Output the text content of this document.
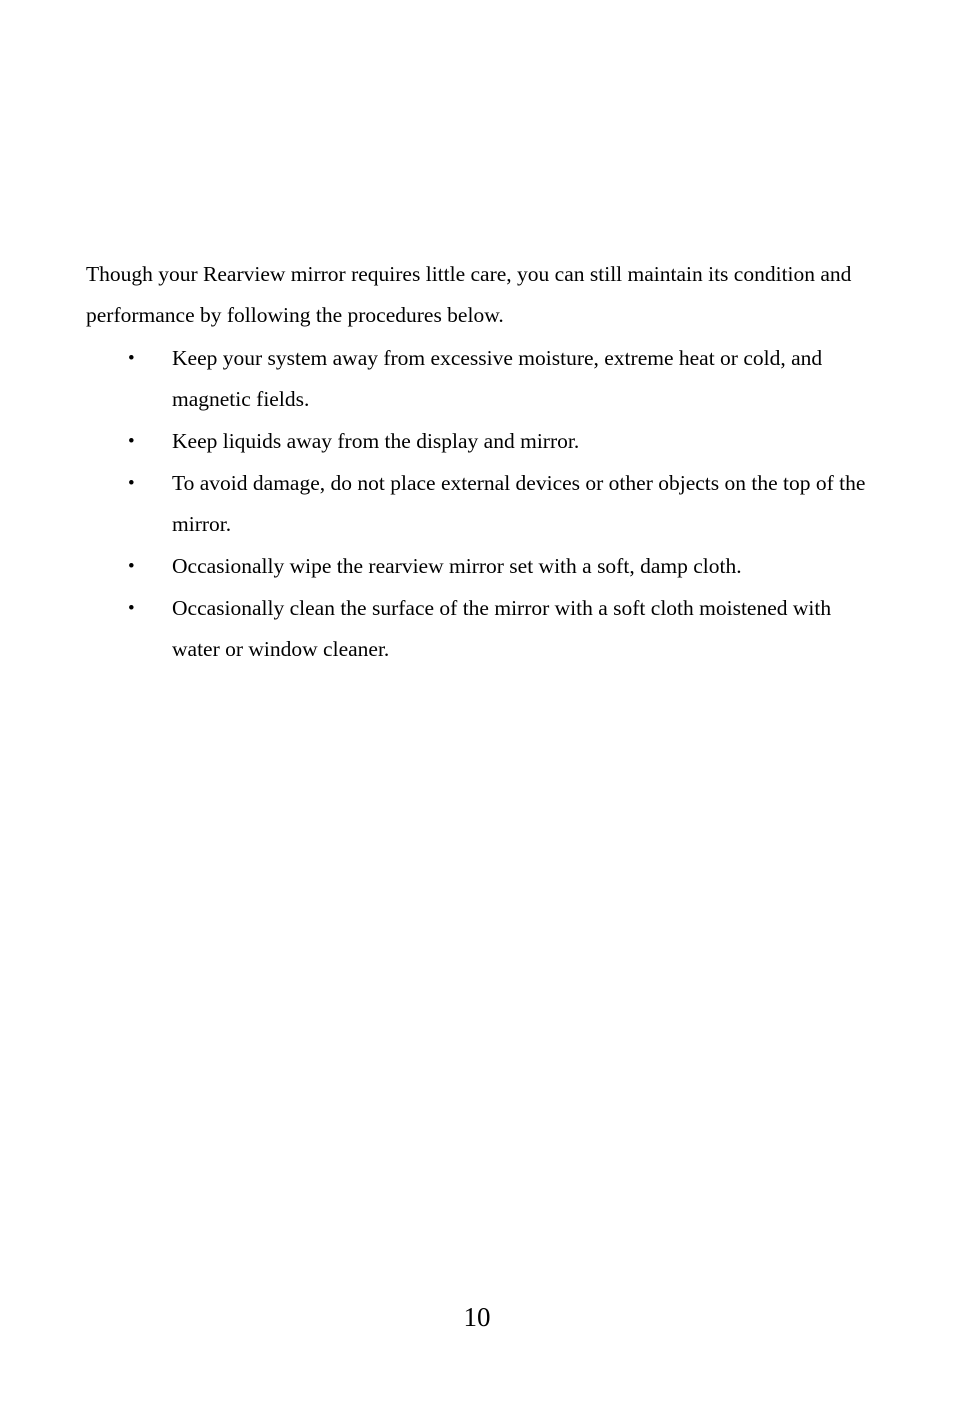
Though your Rearview mirror requires little care, you can still maintain its condition and performance by following the procedures below.

• Keep your system away from excessive moisture, extreme heat or cold, and magnetic fields.
• Keep liquids away from the display and mirror.
• To avoid damage, do not place external devices or other objects on the top of the mirror.
• Occasionally wipe the rearview mirror set with a soft, damp cloth.
• Occasionally clean the surface of the mirror with a soft cloth moistened with water or window cleaner.
10
